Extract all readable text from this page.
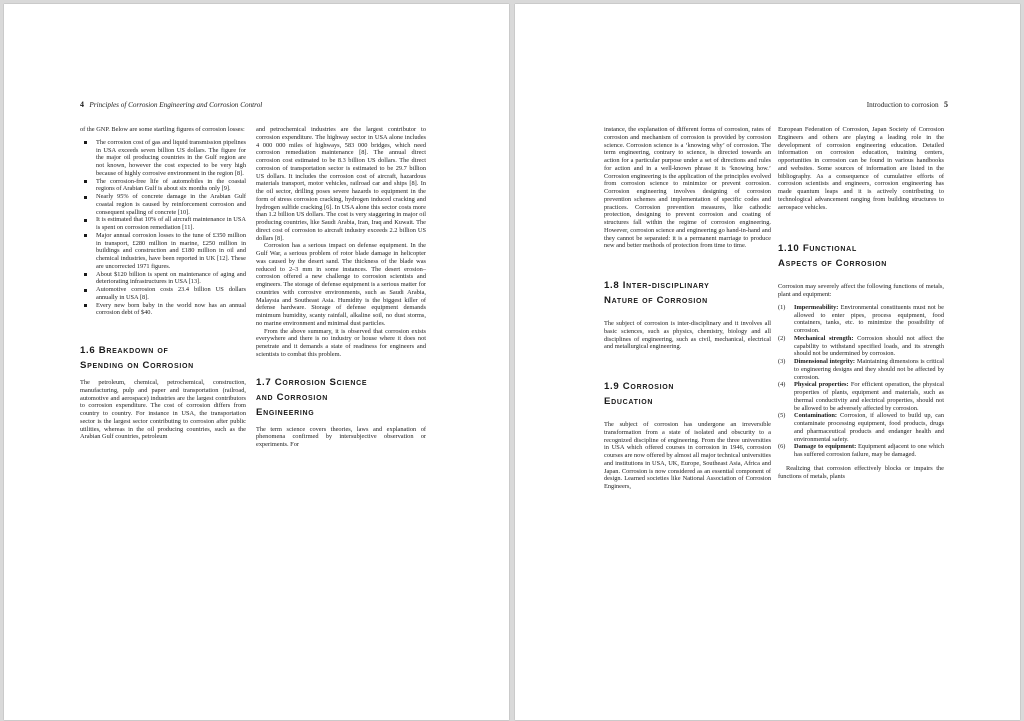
4 Principles of Corrosion Engineering and Corrosion Control

of the GNP. Below are some startling figures of corrosion losses:

The corrosion cost of gas and liquid transmission pipelines in USA exceeds seven billion US dollars. The figure for the major oil producing countries in the Gulf region are not known, however the cost expected to be very high because of highly corrosive environment in the region [8].
The corrosion-free life of automobiles in the coastal regions of Arabian Gulf is about six months only [9].
Nearly 95% of concrete damage in the Arabian Gulf coastal region is caused by reinforcement corrosion and consequent spalling of concrete [10].
It is estimated that 10% of all aircraft maintenance in USA is spent on corrosion remediation [11].
Major annual corrosion losses to the tune of £350 million in transport, £280 million in marine, £250 million in buildings and construction and £180 million in oil and chemical industries, have been reported in UK [12]. These are uncorrected 1971 figures.
About $120 billion is spent on maintenance of aging and deteriorating infrastructures in USA [13].
Automotive corrosion costs 23.4 billion US dollars annually in USA [8].
Every new born baby in the world now has an annual corrosion debt of $40.
1.6 Breakdown of
Spending on Corrosion

The petroleum, chemical, petrochemical, construction, manufacturing, pulp and paper and transportation (railroad, automotive and aerospace) industries are the largest contributors to corrosion expenditure. The cost of corrosion differs from country to country. For instance in USA, the transportation sector is the largest sector contributing to corrosion after public utilities, whereas in the oil producing countries, such as the Arabian Gulf countries, petroleum

and petrochemical industries are the largest contributor to corrosion expenditure. The highway sector in USA alone includes 4 000 000 miles of highways, 583 000 bridges, which need corrosion remediation maintenance [8]. The annual direct corrosion cost estimated to be 8.3 billion US dollars. The direct corrosion of transportation sector is estimated to be 29.7 billion US dollars. It includes the corrosion cost of aircraft, hazardous materials transport, motor vehicles, railroad car and ships [8]. In the oil sector, drilling poses severe hazards to equipment in the form of stress corrosion cracking, hydrogen induced cracking and hydrogen sulfide cracking [6]. In USA alone this sector costs more than 1.2 billion US dollars. The cost is very staggering in major oil producing countries, like Saudi Arabia, Iran, Iraq and Kuwait. The direct cost of corrosion to aircraft industry exceeds 2.2 billion US dollars [8].

Corrosion has a serious impact on defense equipment. In the Gulf War, a serious problem of rotor blade damage in helicopter was caused by the desert sand. The thickness of the blade was reduced to 2–3 mm in some instances. The desert erosion–corrosion offered a new challenge to corrosion scientists and engineers. The storage of defense equipment is a serious matter for countries with corrosive environments, such as Saudi Arabia, Malaysia and Southeast Asia. Humidity is the biggest killer of defense hardware. Storage of defense equipment demands minimum humidity, scanty rainfall, alkaline soil, no dust storms, no marine environment and minimal dust particles.

From the above summary, it is observed that corrosion exists everywhere and there is no industry or house where it does not penetrate and it demands a state of readiness for engineers and scientists to combat this problem.

1.7 Corrosion Science
and Corrosion
Engineering

The term science covers theories, laws and explanation of phenomena confirmed by intersubjective observation or experiments. For

Introduction to corrosion 5

instance, the explanation of different forms of corrosion, rates of corrosion and mechanism of corrosion is provided by corrosion science. Corrosion science is a ‘knowing why’ of corrosion. The term engineering, contrary to science, is directed towards an action for a particular purpose under a set of directions and rules for action and in a well-known phrase it is ‘knowing how.’ Corrosion engineering is the application of the principles evolved from corrosion science to minimize or prevent corrosion. Corrosion engineering involves designing of corrosion prevention schemes and implementation of specific codes and practices. Corrosion prevention measures, like cathodic protection, designing to prevent corrosion and coating of structures fall within the regime of corrosion engineering. However, corrosion science and engineering go hand-in-hand and they cannot be separated: it is a permanent marriage to produce new and better methods of protection from time to time.

1.8 Inter-disciplinary
Nature of Corrosion

The subject of corrosion is inter-disciplinary and it involves all basic sciences, such as physics, chemistry, biology and all disciplines of engineering, such as civil, mechanical, electrical and metallurgical engineering.

1.9 Corrosion
Education

The subject of corrosion has undergone an irreversible transformation from a state of isolated and obscurity to a recognized discipline of engineering. From the three universities in USA which offered courses in corrosion in 1946, corrosion courses are now offered by almost all major technical universities and institutions in USA, UK, Europe, Southeast Asia, Africa and Japan. Corrosion is now considered as an essential component of design. Learned societies like National Association of Corrosion Engineers,

European Federation of Corrosion, Japan Society of Corrosion Engineers and others are playing a leading role in the development of corrosion engineering education. Detailed information on corrosion education, training centers, opportunities in corrosion can be found in various handbooks and websites. Some sources of information are listed in the bibliography. As a consequence of cumulative efforts of corrosion scientists and engineers, corrosion engineering has made quantum leaps and it is actively contributing to technological advancement ranging from building structures to aerospace vehicles.

1.10 Functional
Aspects of Corrosion

Corrosion may severely affect the following functions of metals, plant and equipment:

(1) Impermeability: Environmental constituents must not be allowed to enter pipes, process equipment, food containers, tanks, etc. to minimize the possibility of corrosion.
(2) Mechanical strength: Corrosion should not affect the capability to withstand specified loads, and its strength should not be undermined by corrosion.
(3) Dimensional integrity: Maintaining dimensions is critical to engineering designs and they should not be affected by corrosion.
(4) Physical properties: For efficient operation, the physical properties of plants, equipment and materials, such as thermal conductivity and electrical properties, should not be allowed to be adversely affected by corrosion.
(5) Contamination: Corrosion, if allowed to build up, can contaminate processing equipment, food products, drugs and pharmaceutical products and endanger health and environmental safety.
(6) Damage to equipment: Equipment adjacent to one which has suffered corrosion failure, may be damaged.

Realizing that corrosion effectively blocks or impairs the functions of metals, plants
